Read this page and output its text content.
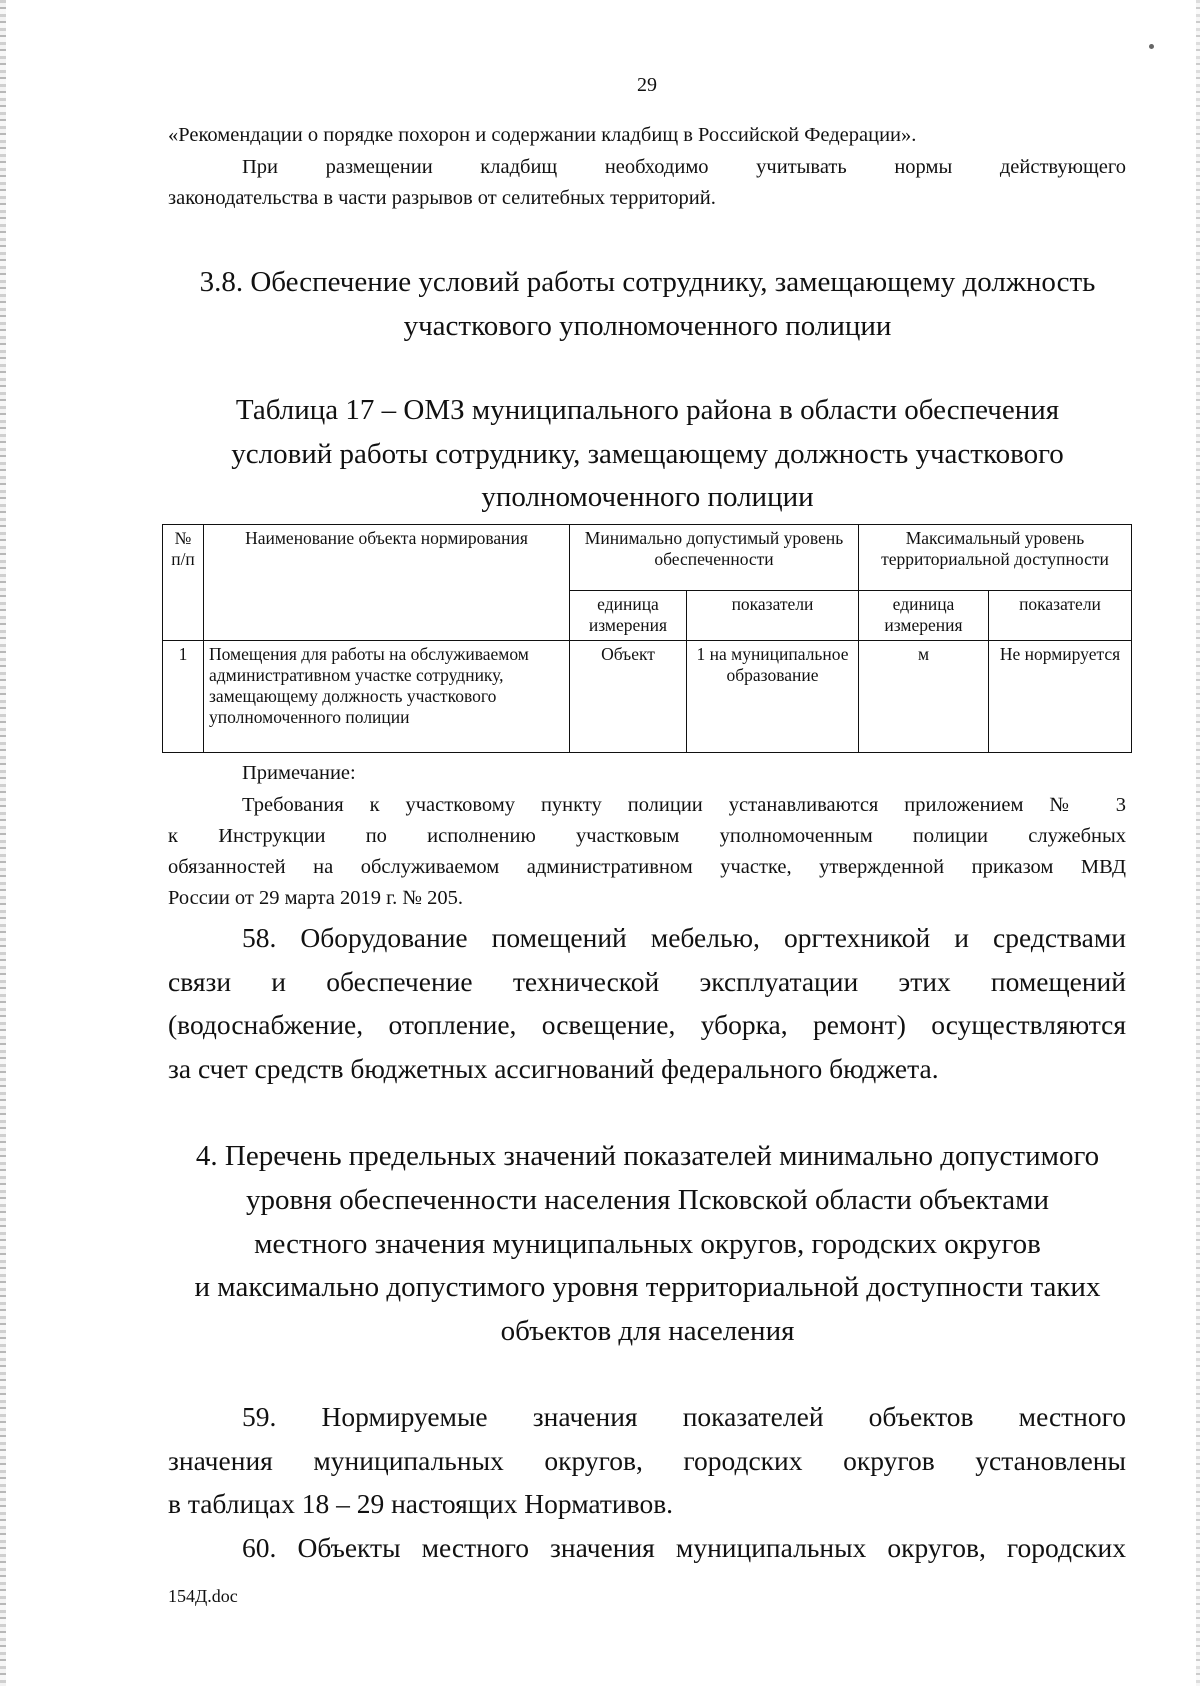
29
«Рекомендации о порядке похорон и содержании кладбищ в Российской Федерации».
При размещении кладбищ необходимо учитывать нормы действующего
законодательства в части разрывов от селитебных территорий.
3.8. Обеспечение условий работы сотруднику, замещающему должность
участкового уполномоченного полиции
Таблица 17 – ОМЗ муниципального района в области обеспечения
условий работы сотруднику, замещающему должность участкового
уполномоченного полиции
№ п/п	Наименование объекта нормирования	Минимально допустимый уровень обеспеченности		Максимальный уровень территориальной доступности	
		единица измерения	показатели	единица измерения	показатели
1	Помещения для работы на обслуживаемом административном участке сотруднику, замещающему должность участкового уполномоченного полиции	Объект	1 на муниципальное образование	м	Не нормируется
Примечание:
Требования к участковому пункту полиции устанавливаются приложением № 3
к Инструкции по исполнению участковым уполномоченным полиции служебных
обязанностей на обслуживаемом административном участке, утвержденной приказом МВД
России от 29 марта 2019 г. № 205.
58. Оборудование помещений мебелью, оргтехникой и средствами
связи и обеспечение технической эксплуатации этих помещений
(водоснабжение, отопление, освещение, уборка, ремонт) осуществляются
за счет средств бюджетных ассигнований федерального бюджета.
4. Перечень предельных значений показателей минимально допустимого
уровня обеспеченности населения Псковской области объектами
местного значения муниципальных округов, городских округов
и максимально допустимого уровня территориальной доступности таких
объектов для населения
59. Нормируемые значения показателей объектов местного
значения муниципальных округов, городских округов установлены
в таблицах 18 – 29 настоящих Нормативов.
60. Объекты местного значения муниципальных округов, городских
154Д.doc
